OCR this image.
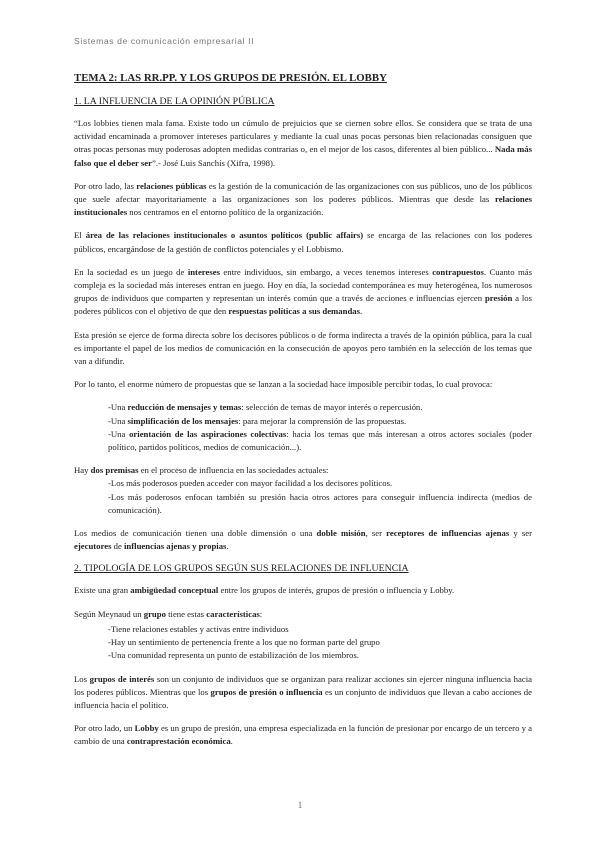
Sistemas de comunicación empresarial II
TEMA 2: LAS RR.PP. Y LOS GRUPOS DE PRESIÓN. EL LOBBY
1. LA INFLUENCIA DE LA OPINIÓN PÚBLICA

“Los lobbies tienen mala fama. Existe todo un cúmulo de prejuicios que se ciernen sobre ellos. Se considera que se trata de una actividad encaminada a promover intereses particulares y mediante la cual unas pocas personas bien relacionadas consiguen que otras pocas personas muy poderosas adopten medidas contrarias o, en el mejor de los casos, diferentes al bien público... Nada más falso que el deber ser”.- José Luis Sanchís (Xifra, 1998).

Por otro lado, las relaciones públicas es la gestión de la comunicación de las organizaciones con sus públicos, uno de los públicos que suele afectar mayoritariamente a las organizaciones son los poderes públicos. Mientras que desde las relaciones institucionales nos centramos en el entorno político de la organización.

El área de las relaciones institucionales o asuntos políticos (public affairs) se encarga de las relaciones con los poderes públicos, encargándose de la gestión de conflictos potenciales y el Lobbismo.

En la sociedad es un juego de intereses entre individuos, sin embargo, a veces tenemos intereses contrapuestos. Cuanto más compleja es la sociedad más intereses entran en juego. Hoy en día, la sociedad contemporánea es muy heterogénea, los numerosos grupos de individuos que comparten y representan un interés común que a través de acciones e influencias ejercen presión a los poderes públicos con el objetivo de que den respuestas políticas a sus demandas.

Esta presión se ejerce de forma directa sobre los decisores públicos o de forma indirecta a través de la opinión pública, para la cual es importante el papel de los medios de comunicación en la consecución de apoyos pero también en la selección de los temas que van a difundir.

Por lo tanto, el enorme número de propuestas que se lanzan a la sociedad hace imposible percibir todas, lo cual provoca:

-Una reducción de mensajes y temas: selección de temas de mayor interés o repercusión.

-Una simplificación de los mensajes: para mejorar la comprensión de las propuestas.

-Una orientación de las aspiraciones colectivas: hacia los temas que más interesan a otros actores sociales (poder político, partidos políticos, medios de comunicación...).

Hay dos premisas en el proceso de influencia en las sociedades actuales:

-Los más poderosos pueden acceder con mayor facilidad a los decisores políticos.

-Los más poderosos enfocan también su presión hacia otros actores para conseguir influencia indirecta (medios de comunicación).

Los medios de comunicación tienen una doble dimensión o una doble misión, ser receptores de influencias ajenas y ser ejecutores de influencias ajenas y propias.

2. TIPOLOGÍA DE LOS GRUPOS SEGÚN SUS RELACIONES DE INFLUENCIA

Existe una gran ambigüedad conceptual entre los grupos de interés, grupos de presión o influencia y Lobby.

Según Meynaud un grupo tiene estas características:

-Tiene relaciones estables y activas entre individuos

-Hay un sentimiento de pertenencia frente a los que no forman parte del grupo

-Una comunidad representa un punto de estabilización de los miembros.

Los grupos de interés son un conjunto de individuos que se organizan para realizar acciones sin ejercer ninguna influencia hacia los poderes públicos. Mientras que los grupos de presión o influencia es un conjunto de individuos que llevan a cabo acciones de influencia hacia el político.

Por otro lado, un Lobby es un grupo de presión, una empresa especializada en la función de presionar por encargo de un tercero y a cambio de una contraprestación económica.

1
